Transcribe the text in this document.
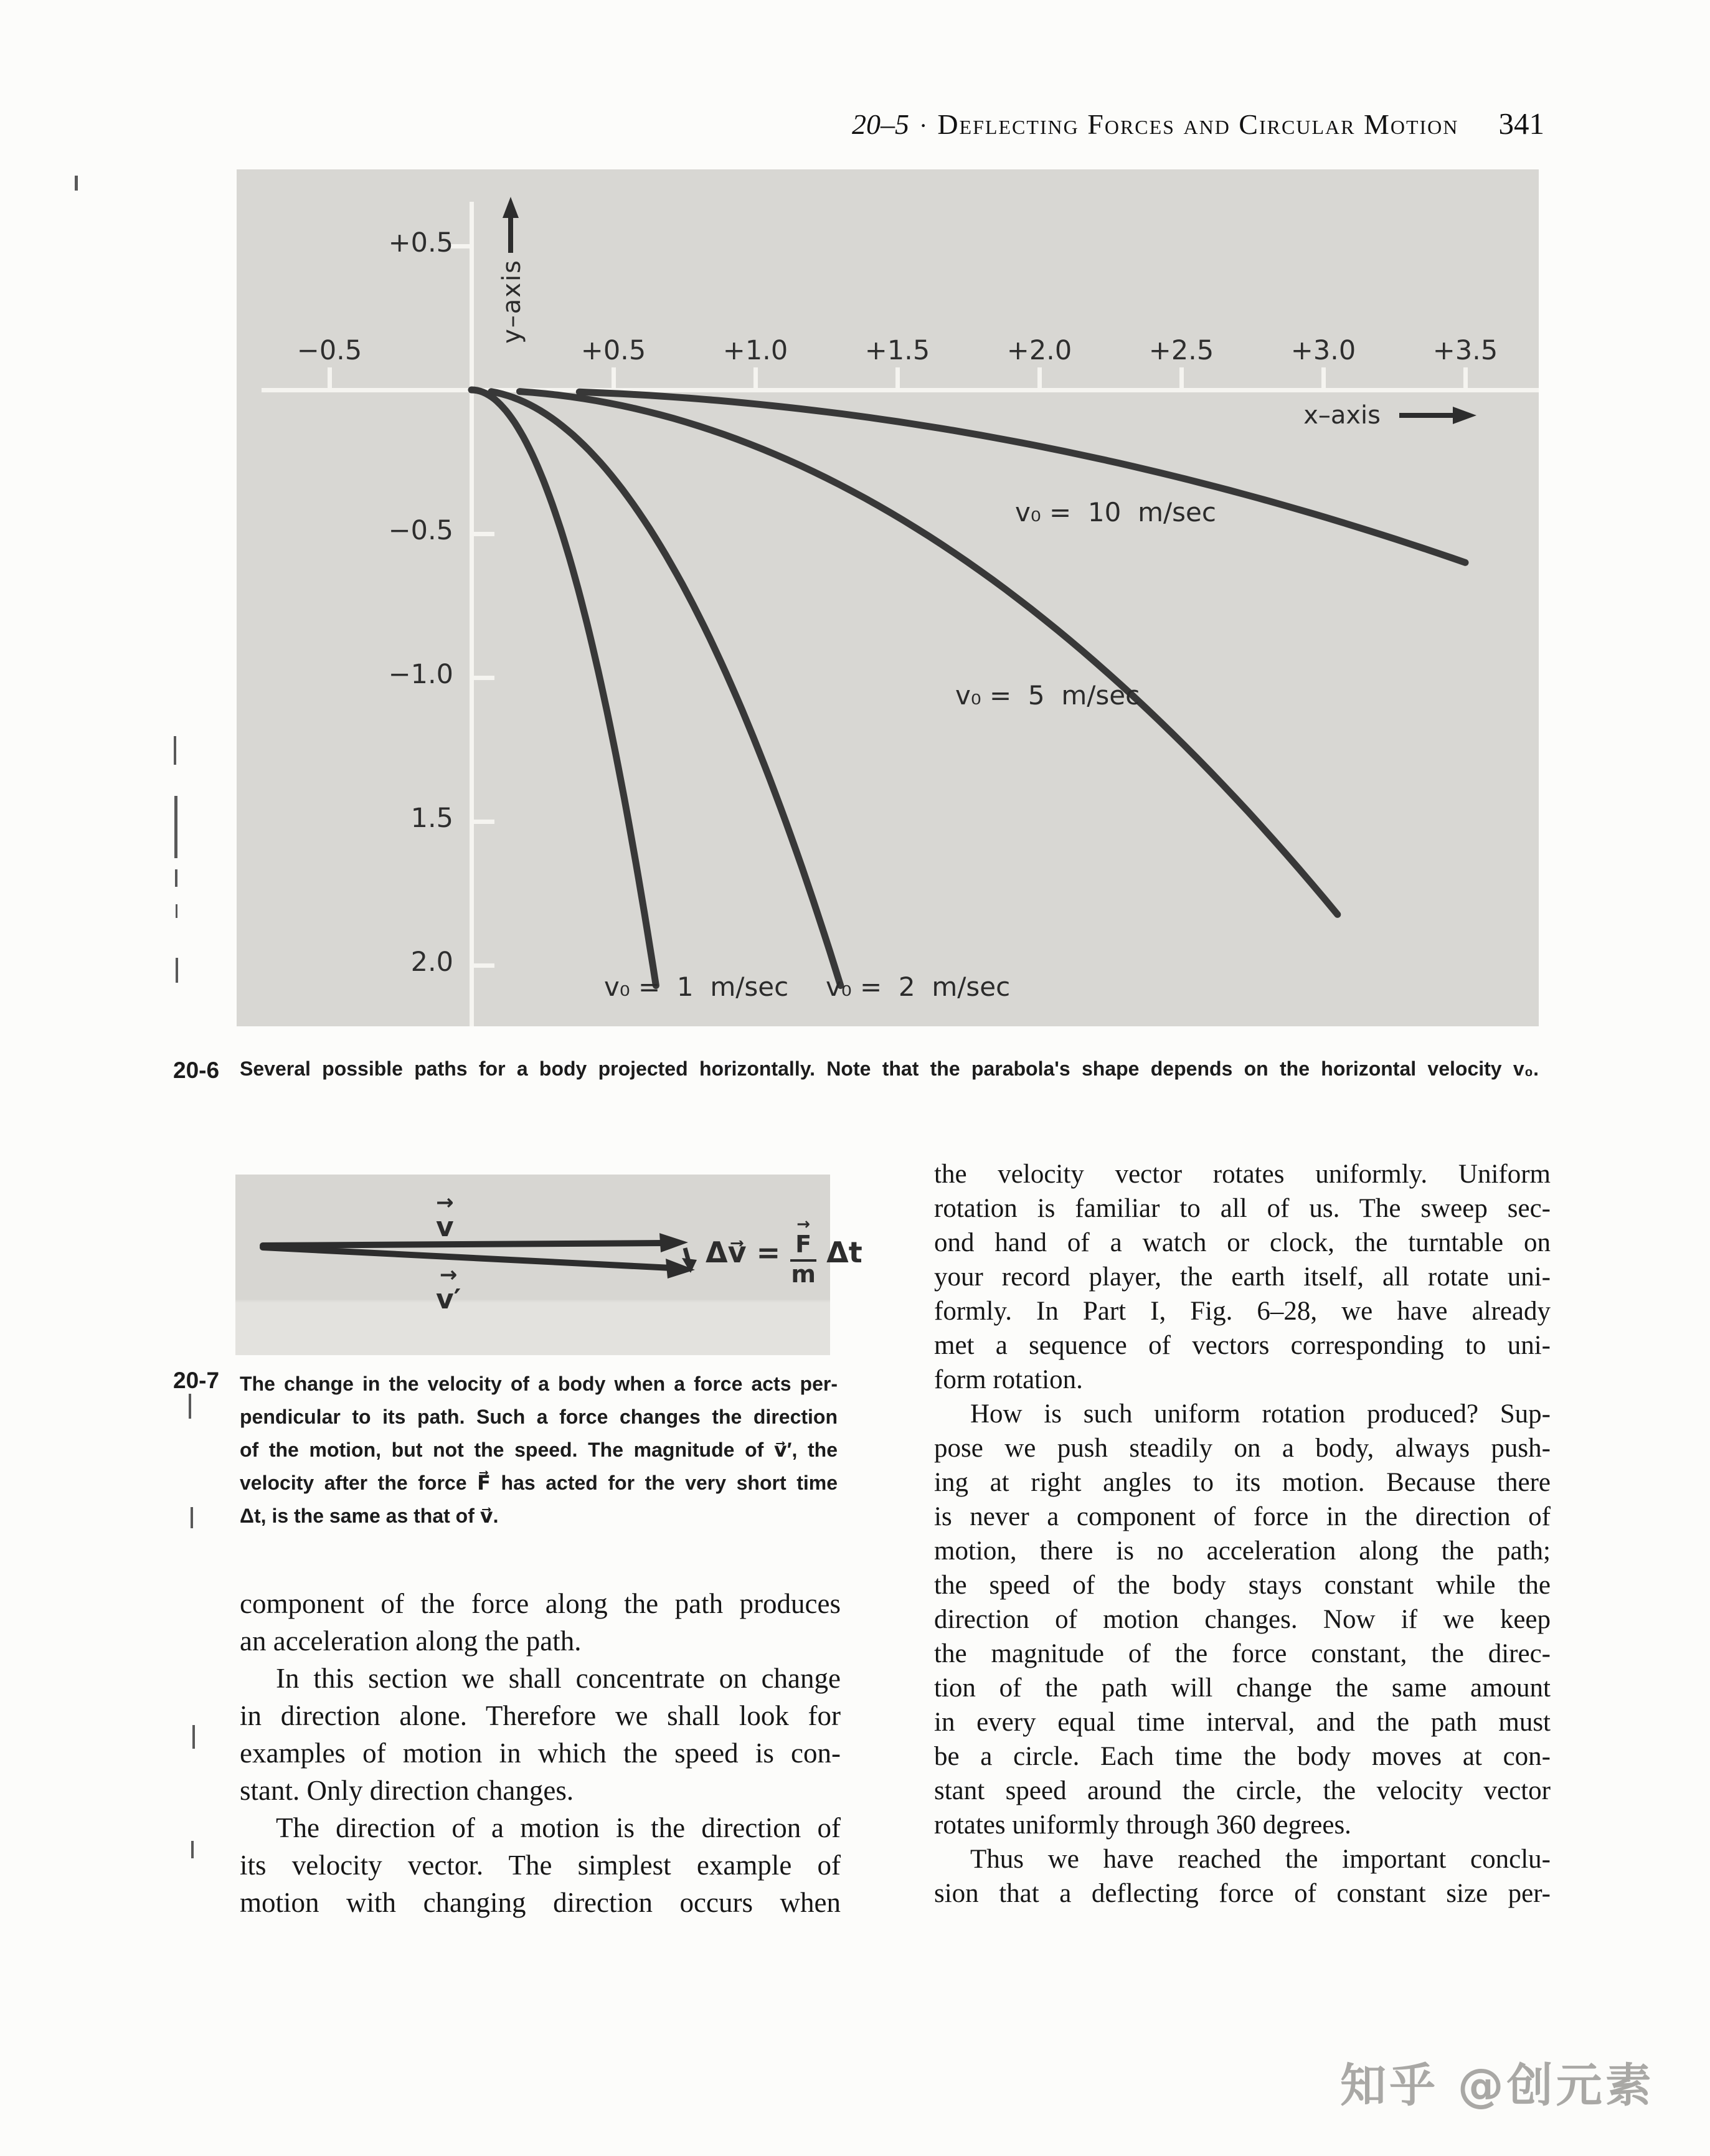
20–5 · Deflecting Forces and Circular Motion 341
y–axis
x–axis
−0.5	+0.5	+1.0	+1.5	+2.0	+2.5	+3.0	+3.5
+0.5
−0.5
−1.0
1.5
2.0
v₀ =  1  m/sec v₀ =  2  m/sec
v₀ =  5  m/sec
v₀ =  10  m/sec
20-6 Several possible paths for a body projected horizontally. Note that the parabola's shape depends on the horizontal velocity v₀.
→
v
→
v′
Δv⃗ = →
F
m Δt
20-7 The change in the velocity of a body when a force acts per-
pendicular to its path. Such a force changes the direction
of the motion, but not the speed. The magnitude of v⃗′, the
velocity after the force F⃗ has acted for the very short time
Δt, is the same as that of v⃗.
component of the force along the path produces
an acceleration along the path.
In this section we shall concentrate on change
in direction alone. Therefore we shall look for
examples of motion in which the speed is con-
stant. Only direction changes.
The direction of a motion is the direction of
its velocity vector. The simplest example of
motion with changing direction occurs when
the velocity vector rotates uniformly. Uniform
rotation is familiar to all of us. The sweep sec-
ond hand of a watch or clock, the turntable on
your record player, the earth itself, all rotate uni-
formly. In Part I, Fig. 6–28, we have already
met a sequence of vectors corresponding to uni-
form rotation.
How is such uniform rotation produced? Sup-
pose we push steadily on a body, always push-
ing at right angles to its motion. Because there
is never a component of force in the direction of
motion, there is no acceleration along the path;
the speed of the body stays constant while the
direction of motion changes. Now if we keep
the magnitude of the force constant, the direc-
tion of the path will change the same amount
in every equal time interval, and the path must
be a circle. Each time the body moves at con-
stant speed around the circle, the velocity vector
rotates uniformly through 360 degrees.
Thus we have reached the important conclu-
sion that a deflecting force of constant size per-
知乎 @创元素
